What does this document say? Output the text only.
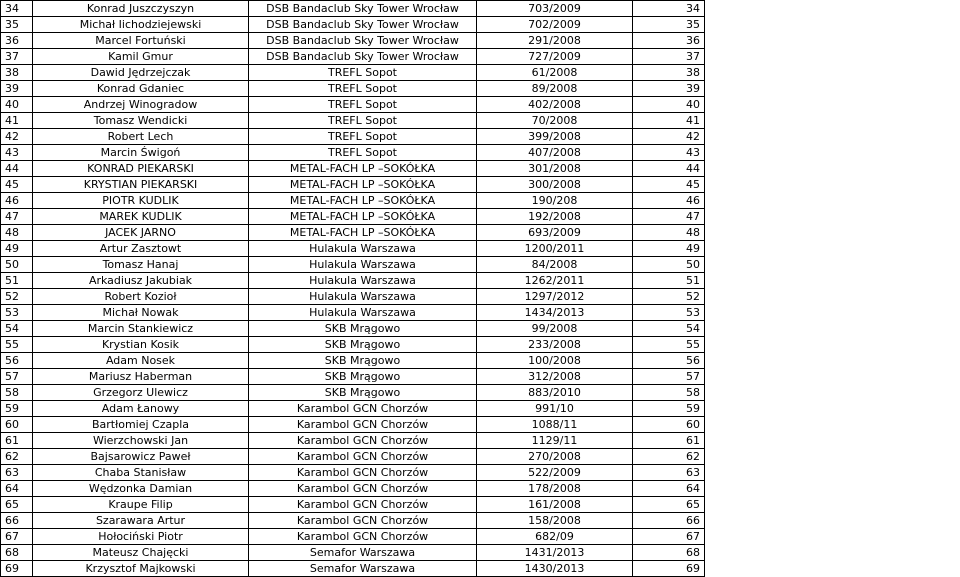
34	Konrad Juszczyszyn	DSB Bandaclub Sky Tower Wrocław	703/2009	34
35	Michał Iichodziejewski	DSB Bandaclub Sky Tower Wrocław	702/2009	35
36	Marcel Fortuński	DSB Bandaclub Sky Tower Wrocław	291/2008	36
37	Kamil Gmur	DSB Bandaclub Sky Tower Wrocław	727/2009	37
38	Dawid Jędrzejczak	TREFL Sopot	61/2008	38
39	Konrad Gdaniec	TREFL Sopot	89/2008	39
40	Andrzej Winogradow	TREFL Sopot	402/2008	40
41	Tomasz Wendicki	TREFL Sopot	70/2008	41
42	Robert Lech	TREFL Sopot	399/2008	42
43	Marcin Świgoń	TREFL Sopot	407/2008	43
44	KONRAD PIEKARSKI	METAL-FACH LP –SOKÓŁKA	301/2008	44
45	KRYSTIAN PIEKARSKI	METAL-FACH LP –SOKÓŁKA	300/2008	45
46	PIOTR KUDLIK	METAL-FACH LP –SOKÓŁKA	190/208	46
47	MAREK KUDLIK	METAL-FACH LP –SOKÓŁKA	192/2008	47
48	JACEK JARNO	METAL-FACH LP –SOKÓŁKA	693/2009	48
49	Artur Zasztowt	Hulakula Warszawa	1200/2011	49
50	Tomasz Hanaj	Hulakula Warszawa	84/2008	50
51	Arkadiusz Jakubiak	Hulakula Warszawa	1262/2011	51
52	Robert Kozioł	Hulakula Warszawa	1297/2012	52
53	Michał Nowak	Hulakula Warszawa	1434/2013	53
54	Marcin Stankiewicz	SKB Mrągowo	99/2008	54
55	Krystian Kosik	SKB Mrągowo	233/2008	55
56	Adam Nosek	SKB Mrągowo	100/2008	56
57	Mariusz Haberman	SKB Mrągowo	312/2008	57
58	Grzegorz Ulewicz	SKB Mrągowo	883/2010	58
59	Adam Łanowy	Karambol GCN Chorzów	991/10	59
60	Bartłomiej Czapla	Karambol GCN Chorzów	1088/11	60
61	Wierzchowski Jan	Karambol GCN Chorzów	1129/11	61
62	Bajsarowicz Paweł	Karambol GCN Chorzów	270/2008	62
63	Chaba Stanisław	Karambol GCN Chorzów	522/2009	63
64	Wędzonka Damian	Karambol GCN Chorzów	178/2008	64
65	Kraupe Filip	Karambol GCN Chorzów	161/2008	65
66	Szarawara Artur	Karambol GCN Chorzów	158/2008	66
67	Hołociński Piotr	Karambol GCN Chorzów	682/09	67
68	Mateusz Chajęcki	Semafor Warszawa	1431/2013	68
69	Krzysztof Majkowski	Semafor Warszawa	1430/2013	69
